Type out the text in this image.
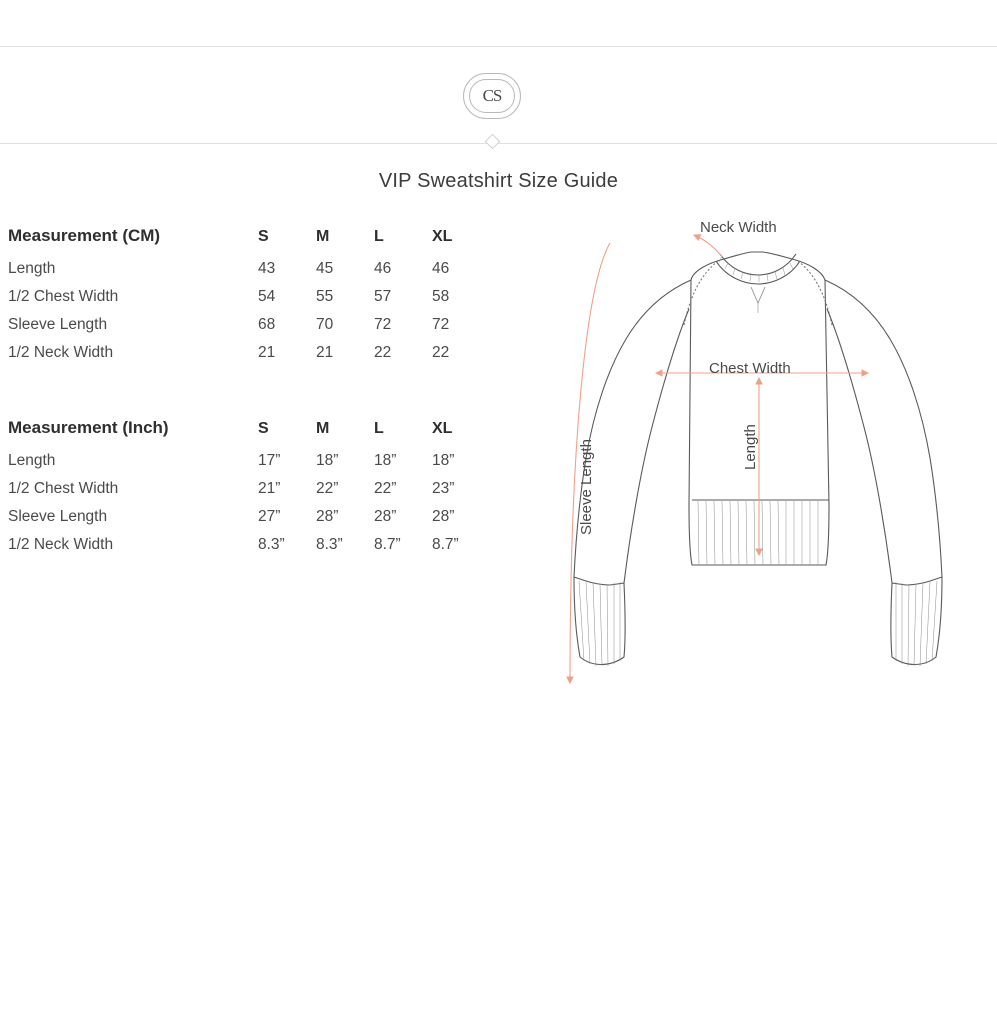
CS
VIP Sweatshirt Size Guide
Measurement (CM)	S	M	L	XL
Length	43	45	46	46
1/2 Chest Width	54	55	57	58
Sleeve Length	68	70	72	72
1/2 Neck Width	21	21	22	22
Measurement (Inch)	S	M	L	XL
Length	17”	18”	18”	18”
1/2 Chest Width	21”	22”	22”	23”
Sleeve Length	27”	28”	28”	28”
1/2 Neck Width	8.3”	8.3”	8.7”	8.7”
Neck Width
Chest Width
Length
Sleeve Length
